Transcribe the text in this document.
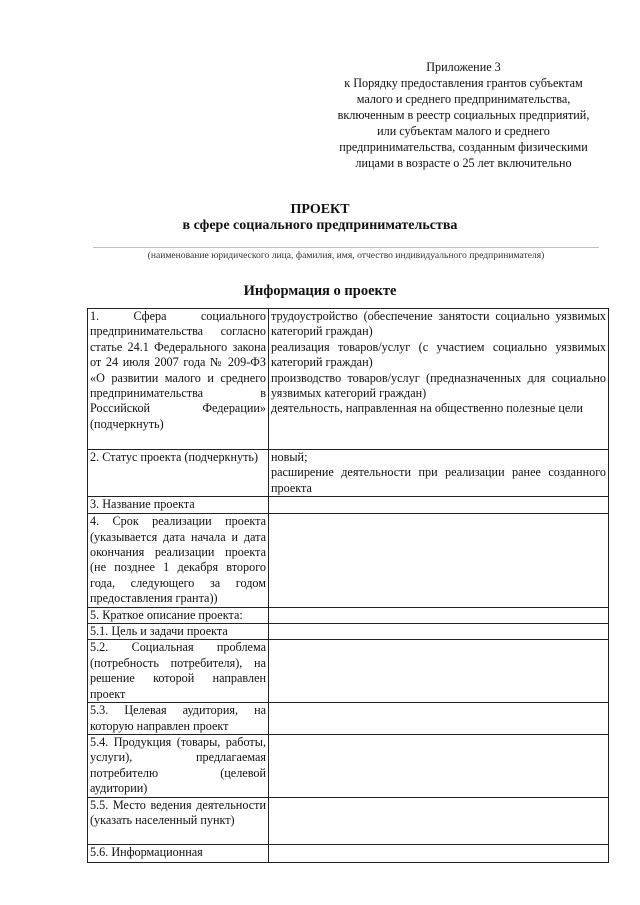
Приложение 3
к Порядку предоставления грантов субъектам
малого и среднего предпринимательства,
включенным в реестр социальных предприятий,
или субъектам малого и среднего
предпринимательства, созданным физическими
лицами в возрасте о 25 лет включительно
ПРОЕКТ
в сфере социального предпринимательства
(наименование юридического лица, фамилия, имя, отчество индивидуального предпринимателя)
Информация о проекте
1. Сфера социального предпринимательства согласно статье 24.1 Федерального закона от 24 июля 2007 года № 209-ФЗ «О развитии малого и среднего предпринимательства в Российской Федерации» (подчеркнуть)	трудоустройство (обеспечение занятости социально уязвимых категорий граждан)
реализация товаров/услуг (с участием социально уязвимых категорий граждан)
производство товаров/услуг (предназначенных для социально уязвимых категорий граждан)
деятельность, направленная на общественно полезные цели

2. Статус проекта (подчеркнуть)	новый;
расширение деятельности при реализации ранее созданного проекта

3. Название проекта	
4. Срок реализации проекта (указывается дата начала и дата окончания реализации проекта (не позднее 1 декабря второго года, следующего за годом предоставления гранта))	
5. Краткое описание проекта:	
5.1. Цель и задачи проекта	
5.2. Социальная проблема (потребность потребителя), на решение которой направлен проект	
5.3. Целевая аудитория, на которую направлен проект	
5.4. Продукция (товары, работы, услуги), предлагаемая потребителю (целевой аудитории)	
5.5. Место ведения деятельности (указать населенный пункт)	
5.6. Информационная	
